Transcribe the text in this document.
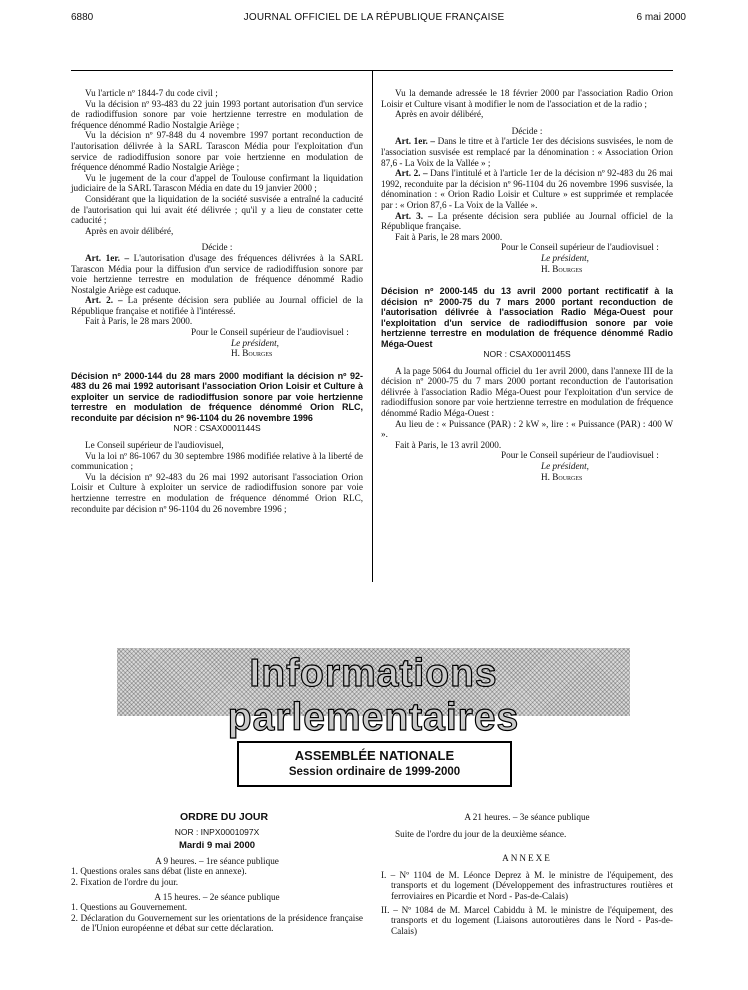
6880	JOURNAL OFFICIEL DE LA RÉPUBLIQUE FRANÇAISE	6 mai 2000

Vu l'article nº 1844-7 du code civil ;

Vu la décision nº 93-483 du 22 juin 1993 portant autorisation d'un service de radiodiffusion sonore par voie hertzienne terrestre en modulation de fréquence dénommé Radio Nostalgie Ariège ;

Vu la décision nº 97-848 du 4 novembre 1997 portant reconduction de l'autorisation délivrée à la SARL Tarascon Média pour l'exploitation d'un service de radiodiffusion sonore par voie hertzienne en modulation de fréquence dénommé Radio Nostalgie Ariège ;

Vu le jugement de la cour d'appel de Toulouse confirmant la liquidation judiciaire de la SARL Tarascon Média en date du 19 janvier 2000 ;

Considérant que la liquidation de la société susvisée a entraîné la caducité de l'autorisation qui lui avait été délivrée ; qu'il y a lieu de constater cette caducité ;

Après en avoir délibéré,

Décide :

Art. 1er. – L'autorisation d'usage des fréquences délivrées à la SARL Tarascon Média pour la diffusion d'un service de radiodiffusion sonore par voie hertzienne terrestre en modulation de fréquence dénommé Radio Nostalgie Ariège est caduque.

Art. 2. – La présente décision sera publiée au Journal officiel de la République française et notifiée à l'intéressé.

Fait à Paris, le 28 mars 2000.

Pour le Conseil supérieur de l'audiovisuel :

Le président,

H. Bourges

Décision nº 2000-144 du 28 mars 2000 modifiant la décision nº 92-483 du 26 mai 1992 autorisant l'association Orion Loisir et Culture à exploiter un service de radiodiffusion sonore par voie hertzienne terrestre en modulation de fréquence dénommé Orion RLC, reconduite par décision nº 96-1104 du 26 novembre 1996

NOR : CSAX0001144S

Le Conseil supérieur de l'audiovisuel,

Vu la loi nº 86-1067 du 30 septembre 1986 modifiée relative à la liberté de communication ;

Vu la décision nº 92-483 du 26 mai 1992 autorisant l'association Orion Loisir et Culture à exploiter un service de radiodiffusion sonore par voie hertzienne terrestre en modulation de fréquence dénommé Orion RLC, reconduite par décision nº 96-1104 du 26 novembre 1996 ;

Vu la demande adressée le 18 février 2000 par l'association Radio Orion Loisir et Culture visant à modifier le nom de l'association et de la radio ;

Après en avoir délibéré,

Décide :

Art. 1er. – Dans le titre et à l'article 1er des décisions susvisées, le nom de l'association susvisée est remplacé par la dénomination : « Association Orion 87,6 - La Voix de la Vallée » ;

Art. 2. – Dans l'intitulé et à l'article 1er de la décision nº 92-483 du 26 mai 1992, reconduite par la décision nº 96-1104 du 26 novembre 1996 susvisée, la dénomination : « Orion Radio Loisir et Culture » est supprimée et remplacée par : « Orion 87,6 - La Voix de la Vallée ».

Art. 3. – La présente décision sera publiée au Journal officiel de la République française.

Fait à Paris, le 28 mars 2000.

Pour le Conseil supérieur de l'audiovisuel :

Le président,

H. Bourges

Décision nº 2000-145 du 13 avril 2000 portant rectificatif à la décision nº 2000-75 du 7 mars 2000 portant reconduction de l'autorisation délivrée à l'association Radio Méga-Ouest pour l'exploitation d'un service de radiodiffusion sonore par voie hertzienne terrestre en modulation de fréquence dénommé Radio Méga-Ouest

NOR : CSAX0001145S

A la page 5064 du Journal officiel du 1er avril 2000, dans l'annexe III de la décision nº 2000-75 du 7 mars 2000 portant reconduction de l'autorisation délivrée à l'association Radio Méga-Ouest pour l'exploitation d'un service de radiodiffusion sonore par voie hertzienne terrestre en modulation de fréquence dénommé Radio Méga-Ouest :

Au lieu de : « Puissance (PAR) : 2 kW », lire : « Puissance (PAR) : 400 W ».

Fait à Paris, le 13 avril 2000.

Pour le Conseil supérieur de l'audiovisuel :

Le président,

H. Bourges

Informations parlementaires
ASSEMBLÉE NATIONALE
Session ordinaire de 1999-2000

ORDRE DU JOUR

NOR : INPX0001097X

Mardi 9 mai 2000

A 9 heures. – 1re séance publique

1. Questions orales sans débat (liste en annexe).

2. Fixation de l'ordre du jour.

A 15 heures. – 2e séance publique

1. Questions au Gouvernement.

2. Déclaration du Gouvernement sur les orientations de la présidence française de l'Union européenne et débat sur cette déclaration.

A 21 heures. – 3e séance publique

Suite de l'ordre du jour de la deuxième séance.

ANNEXE

I. – Nº 1104 de M. Léonce Deprez à M. le ministre de l'équipement, des transports et du logement (Développement des infrastructures routières et ferroviaires en Picardie et Nord - Pas-de-Calais)

II. – Nº 1084 de M. Marcel Cabiddu à M. le ministre de l'équipement, des transports et du logement (Liaisons autoroutières dans le Nord - Pas-de-Calais)
